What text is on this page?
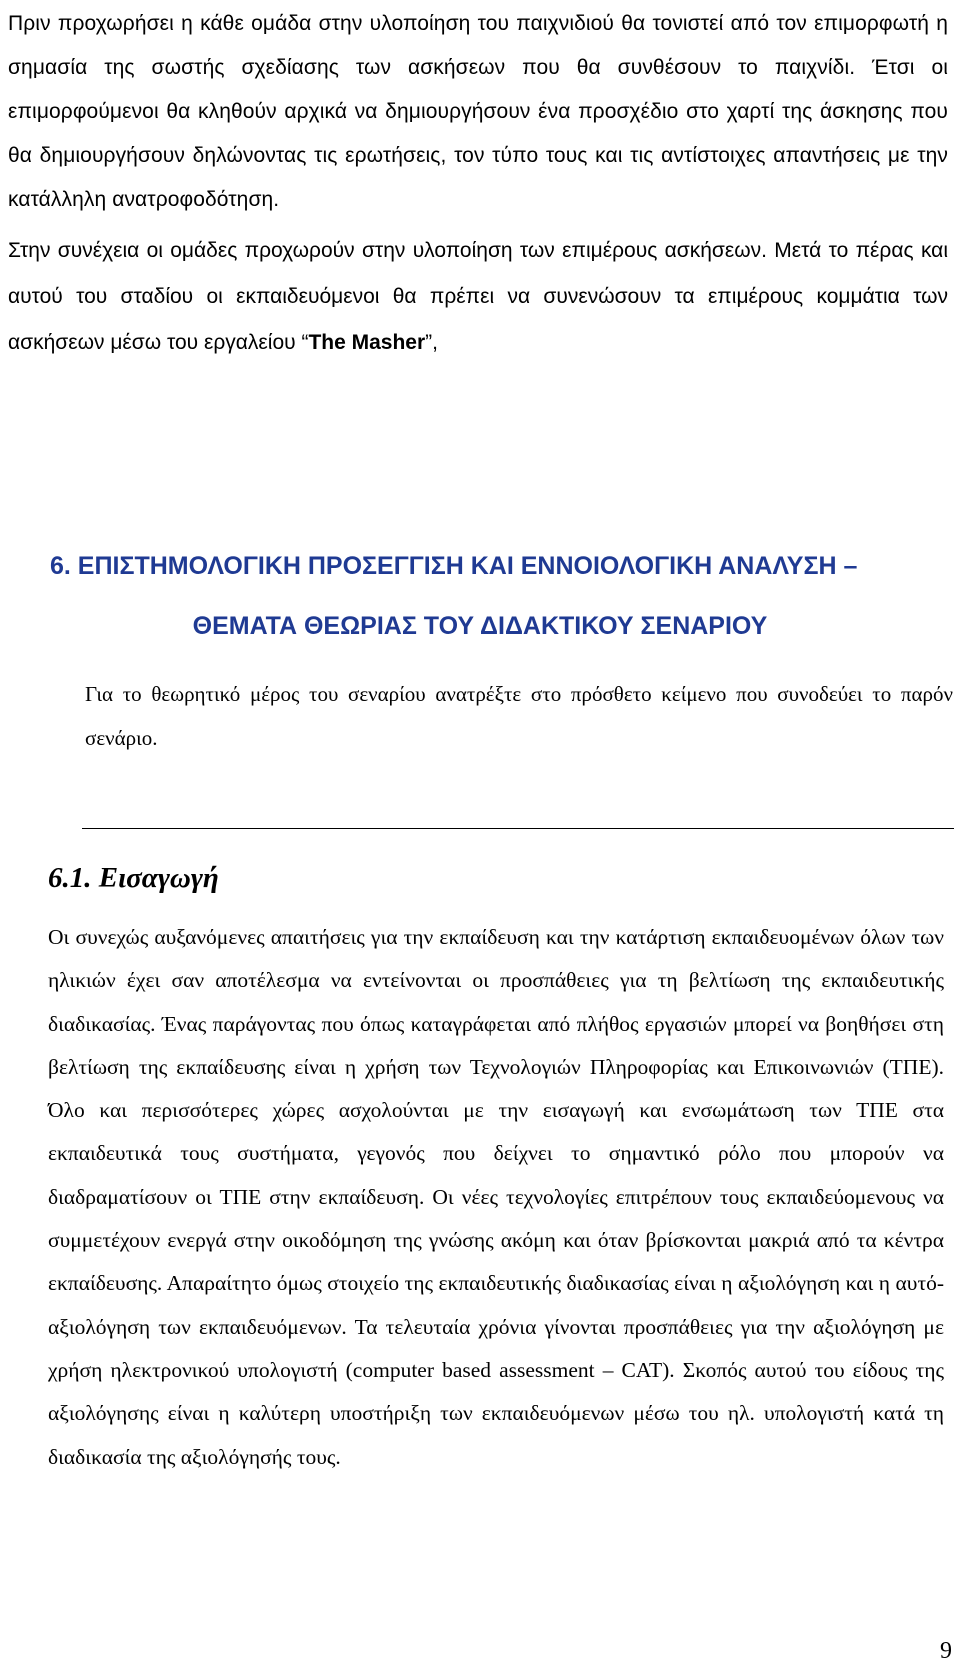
Πριν προχωρήσει η κάθε ομάδα στην υλοποίηση του παιχνιδιού θα τονιστεί από τον επιμορφωτή η σημασία της σωστής σχεδίασης των ασκήσεων που θα συνθέσουν το παιχνίδι. Έτσι οι επιμορφούμενοι θα κληθούν αρχικά να δημιουργήσουν ένα προσχέδιο στο χαρτί της άσκησης που θα δημιουργήσουν δηλώνοντας τις ερωτήσεις, τον τύπο τους και τις αντίστοιχες απαντήσεις με την κατάλληλη ανατροφοδότηση.
Στην συνέχεια οι ομάδες προχωρούν στην υλοποίηση των επιμέρους ασκήσεων. Μετά το πέρας και αυτού του σταδίου οι εκπαιδευόμενοι θα πρέπει να συνενώσουν τα επιμέρους κομμάτια των ασκήσεων μέσω του εργαλείου “The Masher”,
6. ΕΠΙΣΤΗΜΟΛΟΓΙΚΗ ΠΡΟΣΕΓΓΙΣΗ ΚΑΙ ΕΝΝΟΙΟΛΟΓΙΚΗ ΑΝΑΛΥΣΗ –
ΘΕΜΑΤΑ ΘΕΩΡΙΑΣ ΤΟΥ ΔΙΔΑΚΤΙΚΟΥ ΣΕΝΑΡΙΟΥ
Για το θεωρητικό μέρος του σεναρίου ανατρέξτε στο πρόσθετο κείμενο που συνοδεύει το παρόν σενάριο.
6.1. Εισαγωγή
Οι συνεχώς αυξανόμενες απαιτήσεις για την εκπαίδευση και την κατάρτιση εκπαιδευομένων όλων των ηλικιών έχει σαν αποτέλεσμα να εντείνονται οι προσπάθειες για τη βελτίωση της εκπαιδευτικής διαδικασίας. Ένας παράγοντας που όπως καταγράφεται από πλήθος εργασιών μπορεί να βοηθήσει στη βελτίωση της εκπαίδευσης είναι η χρήση των Τεχνολογιών Πληροφορίας και Επικοινωνιών (ΤΠΕ). Όλο και περισσότερες χώρες ασχολούνται με την εισαγωγή και ενσωμάτωση των ΤΠΕ στα εκπαιδευτικά τους συστήματα, γεγονός που δείχνει το σημαντικό ρόλο που μπορούν να διαδραματίσουν οι ΤΠΕ στην εκπαίδευση. Οι νέες τεχνολογίες επιτρέπουν τους εκπαιδεύομενους να συμμετέχουν ενεργά στην οικοδόμηση της γνώσης ακόμη και όταν βρίσκονται μακριά από τα κέντρα εκπαίδευσης. Απαραίτητο όμως στοιχείο της εκπαιδευτικής διαδικασίας είναι η αξιολόγηση και η αυτό-αξιολόγηση των εκπαιδευόμενων. Τα τελευταία χρόνια γίνονται προσπάθειες για την αξιολόγηση με χρήση ηλεκτρονικού υπολογιστή (computer based assessment – CAT). Σκοπός αυτού του είδους της αξιολόγησης είναι η καλύτερη υποστήριξη των εκπαιδευόμενων μέσω του ηλ. υπολογιστή κατά τη διαδικασία της αξιολόγησής τους.
9
